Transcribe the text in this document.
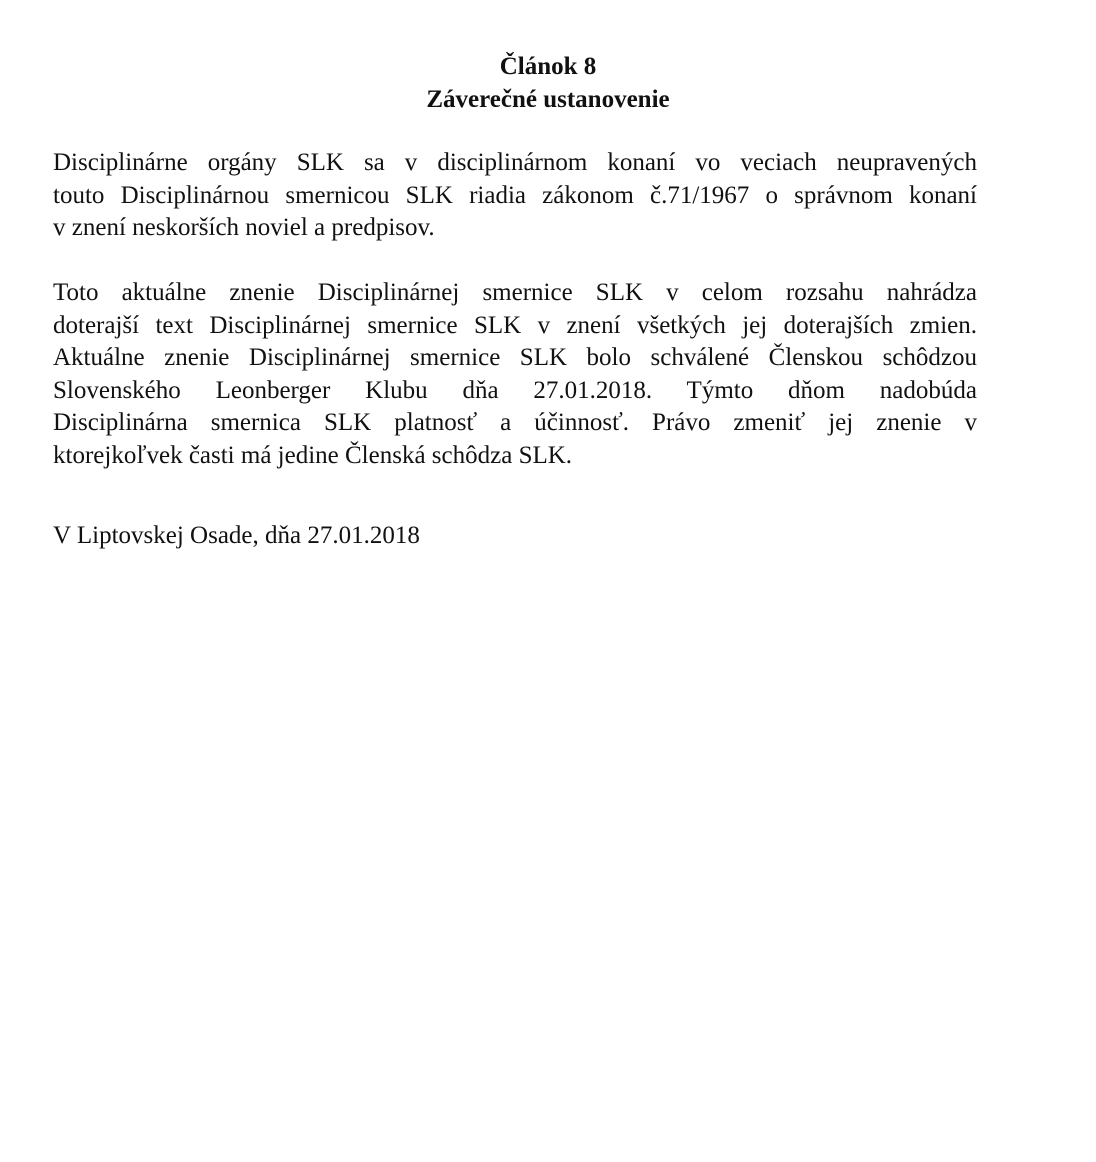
Článok 8
Záverečné ustanovenie
Disciplinárne orgány SLK sa v disciplinárnom konaní vo veciach neupravených
touto Disciplinárnou smernicou SLK riadia zákonom č.71/1967 o správnom konaní
v znení neskorších noviel a predpisov.
Toto aktuálne znenie Disciplinárnej smernice SLK v celom rozsahu nahrádza
doterajší text Disciplinárnej smernice SLK v znení všetkých jej doterajších zmien.
Aktuálne znenie Disciplinárnej smernice SLK bolo schválené Členskou schôdzou
Slovenského Leonberger Klubu dňa 27.01.2018. Týmto dňom nadobúda
Disciplinárna smernica SLK platnosť a účinnosť. Právo zmeniť jej znenie v
ktorejkoľvek časti má jedine Členská schôdza SLK.
V Liptovskej Osade, dňa 27.01.2018
